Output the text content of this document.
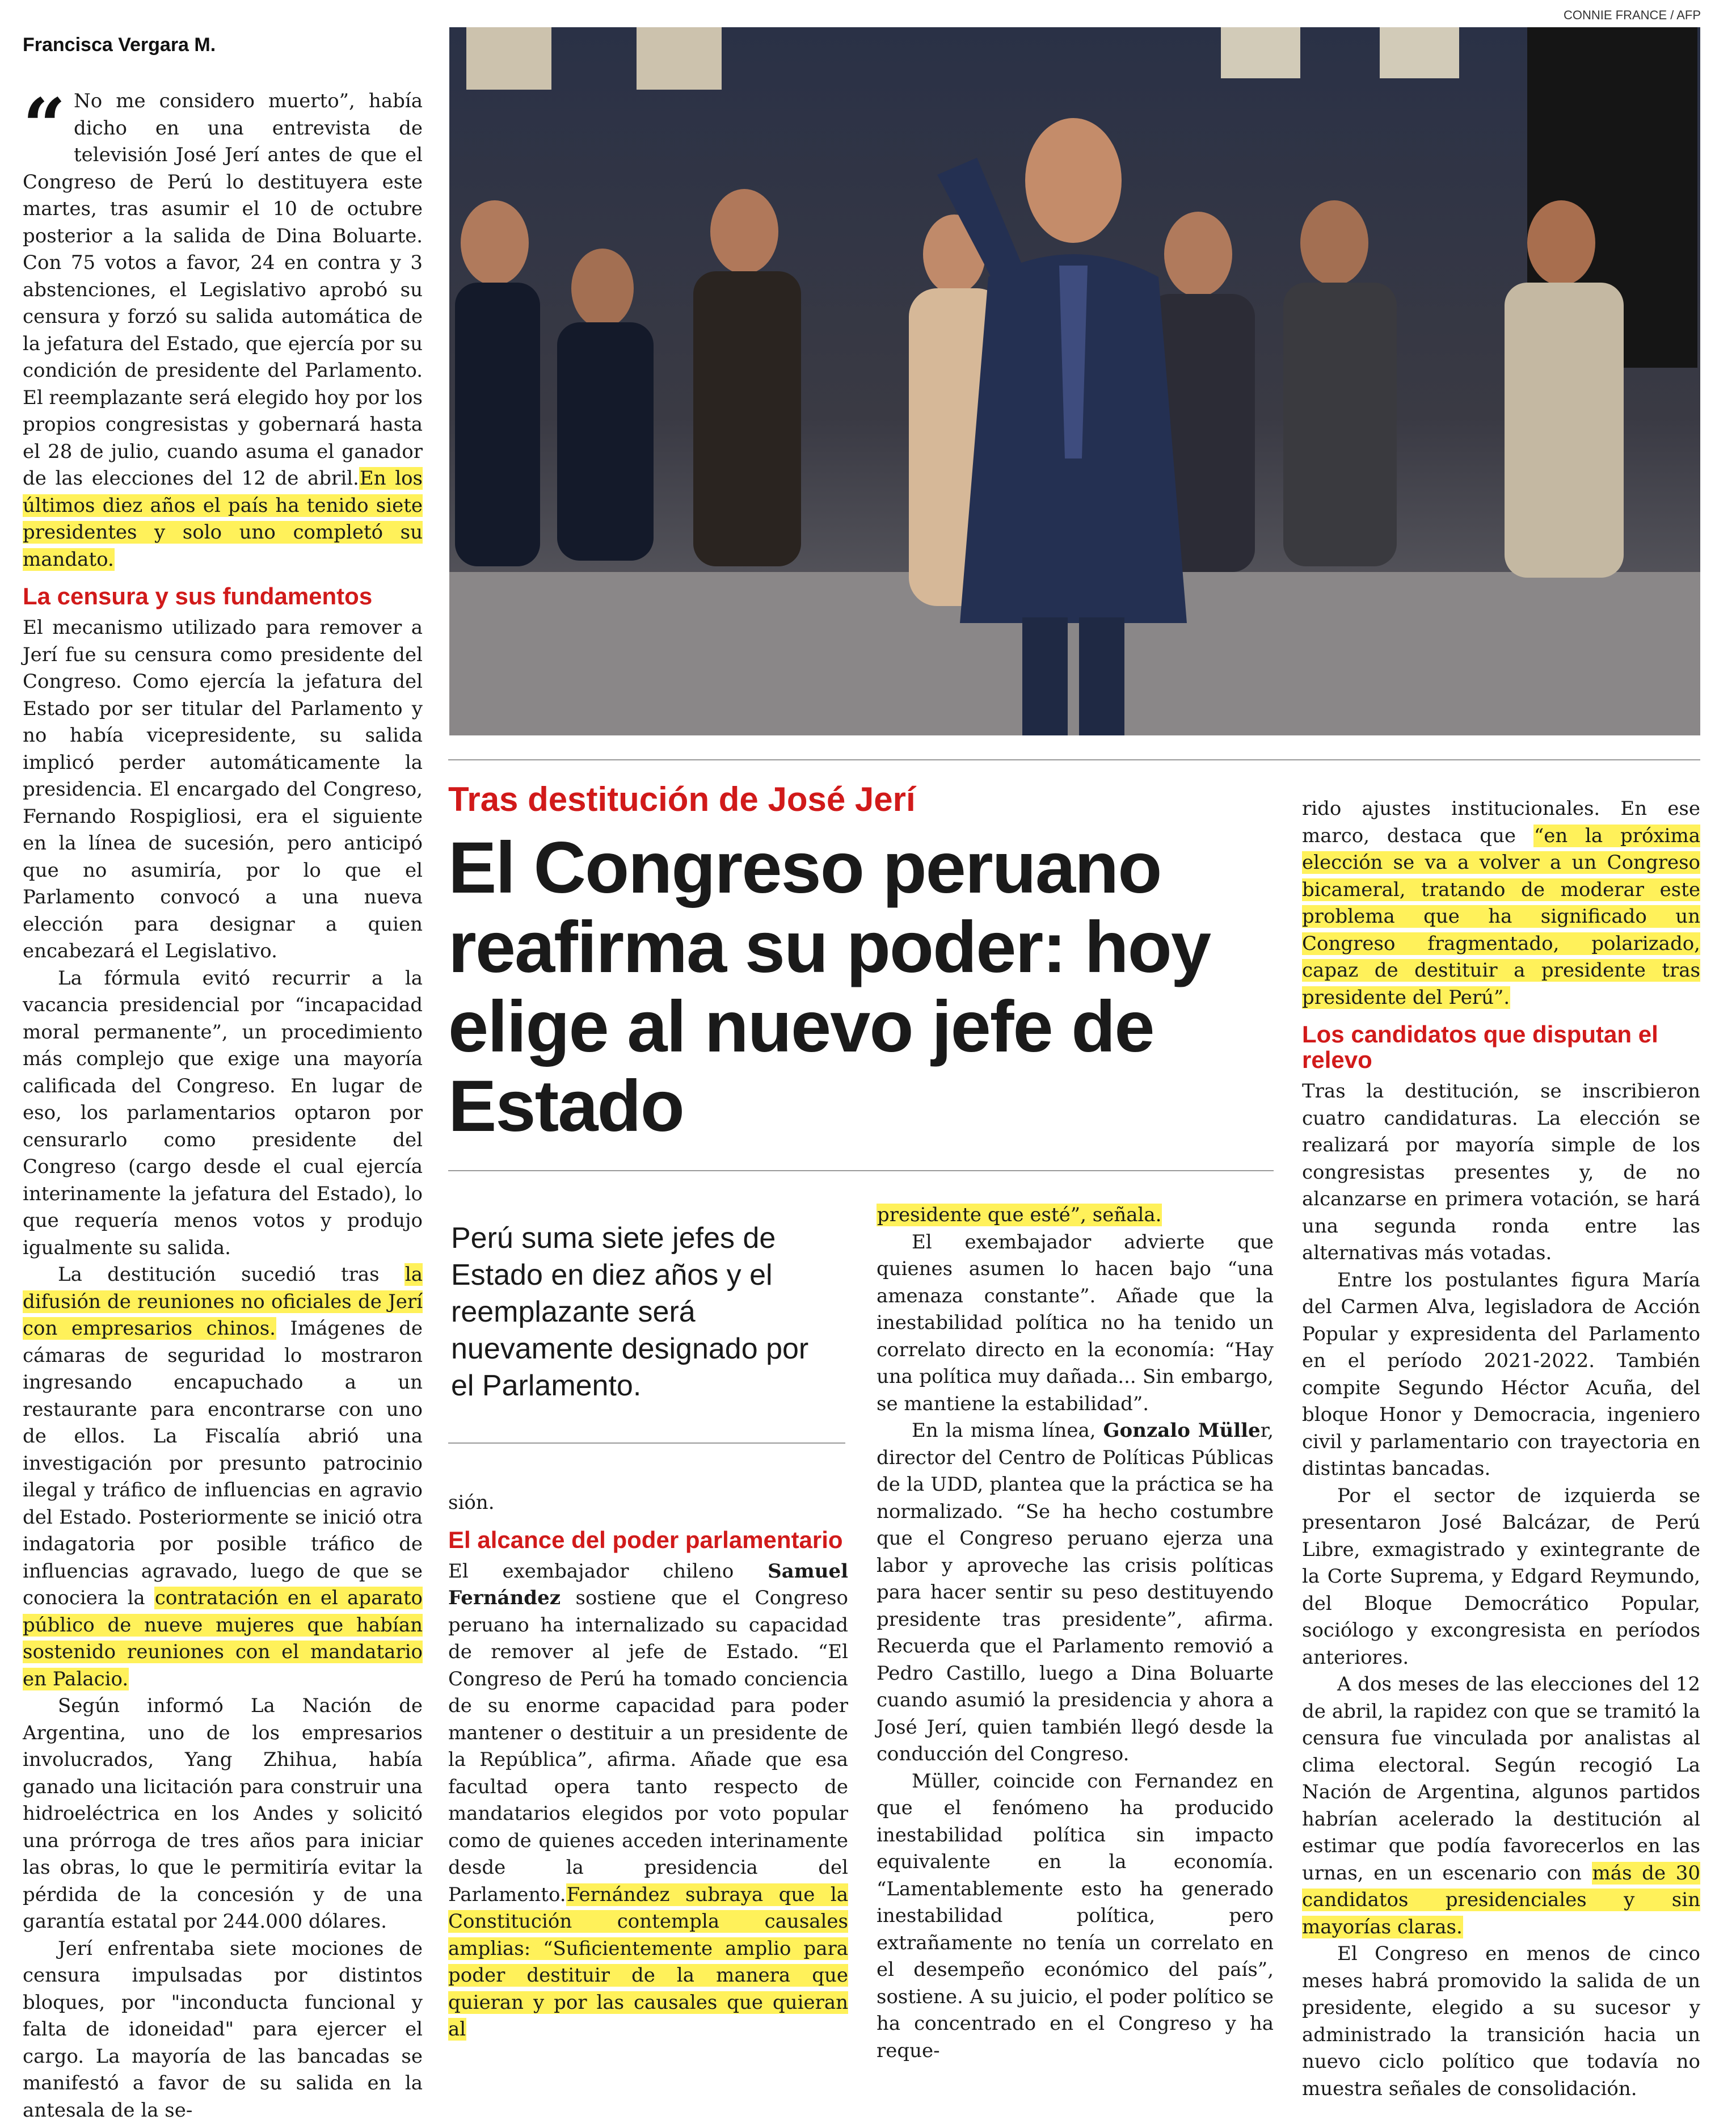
CONNIE FRANCE / AFP
Francisca Vergara M.

“ No me considero muerto”, había dicho en una entrevista de televisión José Jerí antes de que el Congreso de Perú lo destituyera este martes, tras asumir el 10 de octubre posterior a la salida de Dina Boluarte. Con 75 votos a favor, 24 en contra y 3 abstenciones, el Legislativo aprobó su censura y forzó su salida automática de la jefatura del Estado, que ejercía por su condición de presidente del Parlamento. El reemplazante será elegido hoy por los propios congresistas y gobernará hasta el 28 de julio, cuando asuma el ganador de las elecciones del 12 de abril.En los últimos diez años el país ha tenido siete presidentes y solo uno completó su mandato.

La censura y sus fundamentos

El mecanismo utilizado para remover a Jerí fue su censura como presidente del Congreso. Como ejercía la jefatura del Estado por ser titular del Parlamento y no había vicepresidente, su salida implicó perder automáticamente la presidencia. El encargado del Congreso, Fernando Rospigliosi, era el siguiente en la línea de sucesión, pero anticipó que no asumiría, por lo que el Parlamento convocó a una nueva elección para designar a quien encabezará el Legislativo.

La fórmula evitó recurrir a la vacancia presidencial por “incapacidad moral permanente”, un procedimiento más complejo que exige una mayoría calificada del Congreso. En lugar de eso, los parlamentarios optaron por censurarlo como presidente del Congreso (cargo desde el cual ejercía interinamente la jefatura del Estado), lo que requería menos votos y produjo igualmente su salida.

La destitución sucedió tras la difusión de reuniones no oficiales de Jerí con empresarios chinos. Imágenes de cámaras de seguridad lo mostraron ingresando encapuchado a un restaurante para encontrarse con uno de ellos. La Fiscalía abrió una investigación por presunto patrocinio ilegal y tráfico de influencias en agravio del Estado. Posteriormente se inició otra indagatoria por posible tráfico de influencias agravado, luego de que se conociera la contratación en el aparato público de nueve mujeres que habían sostenido reuniones con el mandatario en Palacio.

Según informó La Nación de Argentina, uno de los empresarios involucrados, Yang Zhihua, había ganado una licitación para construir una hidroeléctrica en los Andes y solicitó una prórroga de tres años para iniciar las obras, lo que le permitiría evitar la pérdida de la concesión y de una garantía estatal por 244.000 dólares.

Jerí enfrentaba siete mociones de censura impulsadas por distintos bloques, por "inconducta funcional y falta de idoneidad" para ejercer el cargo. La mayoría de las bancadas se manifestó a favor de su salida en la antesala de la se-

Tras destitución de José Jerí
El Congreso peruano reafirma su poder: hoy elige al nuevo jefe de Estado
Perú suma siete jefes de Estado en diez años y el reemplazante será nuevamente designado por el Parlamento.

sión.

El alcance del poder parlamentario

El exembajador chileno Samuel Fernández sostiene que el Congreso peruano ha internalizado su capacidad de remover al jefe de Estado. “El Congreso de Perú ha tomado conciencia de su enorme capacidad para poder mantener o destituir a un presidente de la República”, afirma. Añade que esa facultad opera tanto respecto de mandatarios elegidos por voto popular como de quienes acceden interinamente desde la presidencia del Parlamento.Fernández subraya que la Constitución contempla causales amplias: “Suficientemente amplio para poder destituir de la manera que quieran y por las causales que quieran al

presidente que esté”, señala.

El exembajador advierte que quienes asumen lo hacen bajo “una amenaza constante”. Añade que la inestabilidad política no ha tenido un correlato directo en la economía: “Hay una política muy dañada... Sin embargo, se mantiene la estabilidad”.

En la misma línea, Gonzalo Müller, director del Centro de Políticas Públicas de la UDD, plantea que la práctica se ha normalizado. “Se ha hecho costumbre que el Congreso peruano ejerza una labor y aproveche las crisis políticas para hacer sentir su peso destituyendo presidente tras presidente”, afirma. Recuerda que el Parlamento removió a Pedro Castillo, luego a Dina Boluarte cuando asumió la presidencia y ahora a José Jerí, quien también llegó desde la conducción del Congreso.

Müller, coincide con Fernandez en que el fenómeno ha producido inestabilidad política sin impacto equivalente en la economía. “Lamentablemente esto ha generado inestabilidad política, pero extrañamente no tenía un correlato en el desempeño económico del país”, sostiene. A su juicio, el poder político se ha concentrado en el Congreso y ha reque-

rido ajustes institucionales. En ese marco, destaca que “en la próxima elección se va a volver a un Congreso bicameral, tratando de moderar este problema que ha significado un Congreso fragmentado, polarizado, capaz de destituir a presidente tras presidente del Perú”.

Los candidatos que disputan el relevo

Tras la destitución, se inscribieron cuatro candidaturas. La elección se realizará por mayoría simple de los congresistas presentes y, de no alcanzarse en primera votación, se hará una segunda ronda entre las alternativas más votadas.

Entre los postulantes figura María del Carmen Alva, legisladora de Acción Popular y expresidenta del Parlamento en el período 2021-2022. También compite Segundo Héctor Acuña, del bloque Honor y Democracia, ingeniero civil y parlamentario con trayectoria en distintas bancadas.

Por el sector de izquierda se presentaron José Balcázar, de Perú Libre, exmagistrado y exintegrante de la Corte Suprema, y Edgard Reymundo, del Bloque Democrático Popular, sociólogo y excongresista en períodos anteriores.

A dos meses de las elecciones del 12 de abril, la rapidez con que se tramitó la censura fue vinculada por analistas al clima electoral. Según recogió La Nación de Argentina, algunos partidos habrían acelerado la destitución al estimar que podía favorecerlos en las urnas, en un escenario con más de 30 candidatos presidenciales y sin mayorías claras.

El Congreso en menos de cinco meses habrá promovido la salida de un presidente, elegido a su sucesor y administrado la transición hacia un nuevo ciclo político que todavía no muestra señales de consolidación.
